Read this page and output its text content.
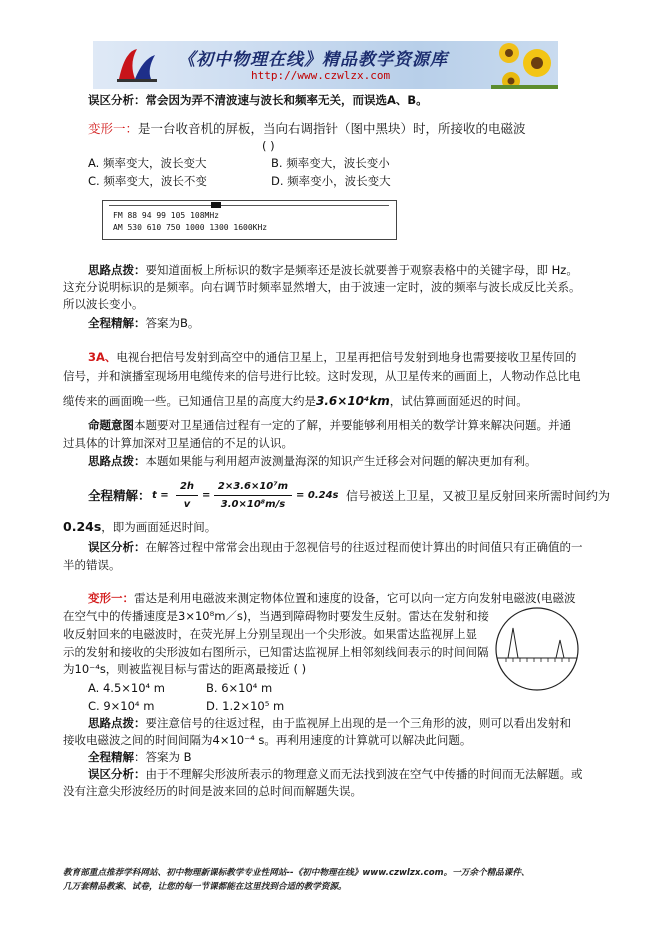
《初中物理在线》精品教学资源库
http://www.czwlzx.com
误区分析：常会因为弄不清波速与波长和频率无关，而误选A、B。
变形一：是一台收音机的屏板，当向右调指针（图中黑块）时，所接收的电磁波
( )
A. 频率变大，波长变大	B. 频率变大，波长变小
C. 频率变大，波长不变	D. 频率变小，波长变大
FM 88 94 99 105 108MHz
AM 530 610 750 1000 1300 1600KHz
思路点拨：要知道面板上所标识的数字是频率还是波长就要善于观察表格中的关键字母，即 Hz。
这充分说明标识的是频率。向右调节时频率显然增大，由于波速一定时，波的频率与波长成反比关系。
所以波长变小。
全程精解：答案为B。
3A、电视台把信号发射到高空中的通信卫星上，卫星再把信号发射到地身也需要接收卫星传回的
信号，并和演播室现场用电缆传来的信号进行比较。这时发现，从卫星传来的画面上，人物动作总比电
缆传来的画面晚一些。已知通信卫星的高度大约是3.6×10⁴km，试估算画面延迟的时间。
命题意图本题要对卫星通信过程有一定的了解，并要能够利用相关的数学计算来解决问题。并通
过具体的计算加深对卫星通信的不足的认识。
思路点拨：本题如果能与利用超声波测量海深的知识产生迁移会对问题的解决更加有利。
全程精解： t =
2h
v
=
2×3.6×10⁷m
3.0×10⁸m/s
= 0.24s 信号被送上卫星，又被卫星反射回来所需时间约为
0.24s，即为画面延迟时间。
误区分析：在解答过程中常常会出现由于忽视信号的往返过程而使计算出的时间值只有正确值的一
半的错误。
变形一：雷达是利用电磁波来测定物体位置和速度的设备，它可以向一定方向发射电磁波(电磁波
在空气中的传播速度是3×10⁸m／s)，当遇到障碍物时要发生反射。雷达在发射和接
收反射回来的电磁波时，在荧光屏上分别呈现出一个尖形波。如果雷达监视屏上显
示的发射和接收的尖形波如右图所示，已知雷达监视屏上相邻刻线间表示的时间间隔
为10⁻⁴s，则被监视目标与雷达的距离最接近 ( )
A. 4.5×10⁴ m	B. 6×10⁴ m
C. 9×10⁴ m	D. 1.2×10⁵ m
思路点拨：要注意信号的往返过程，由于监视屏上出现的是一个三角形的波，则可以看出发射和
接收电磁波之间的时间间隔为4×10⁻⁴ s。再利用速度的计算就可以解决此问题。
全程精解：答案为 B
误区分析：由于不理解尖形波所表示的物理意义而无法找到波在空气中传播的时间而无法解题。或
没有注意尖形波经历的时间是波来回的总时间而解题失误。
教育部重点推荐学科网站、初中物理新课标教学专业性网站--《初中物理在线》www.czwlzx.com。一万余个精品课件、
几万套精品教案、试卷，让您的每一节课都能在这里找到合适的教学资源。
